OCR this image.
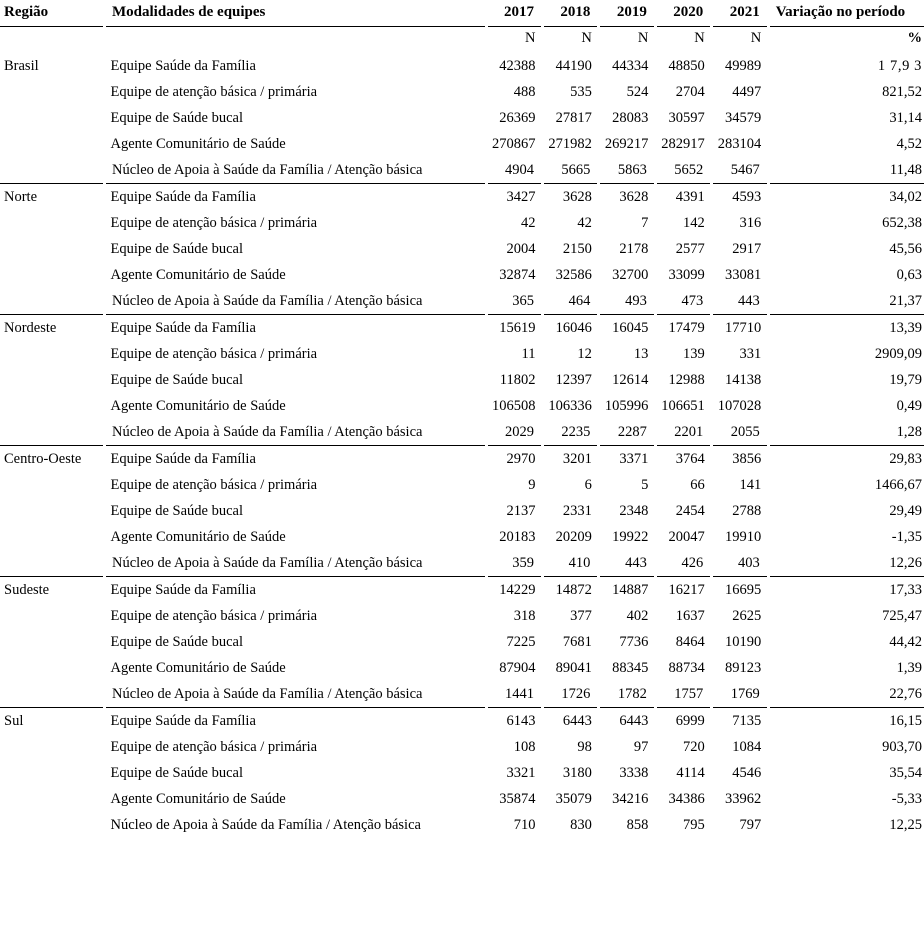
Região	Modalidades de equipes	2017	2018	2019	2020	2021	Variação no período
		N	N	N	N	N	%
Brasil	Equipe Saúde da Família	42388	44190	44334	48850	49989	1 7,9 3
	Equipe de atenção básica / primária	488	535	524	2704	4497	821,52
	Equipe de Saúde bucal	26369	27817	28083	30597	34579	31,14
	Agente Comunitário de Saúde	270867	271982	269217	282917	283104	4,52
	Núcleo de Apoia à Saúde da Família / Atenção básica	4904	5665	5863	5652	5467	11,48
Norte	Equipe Saúde da Família	3427	3628	3628	4391	4593	34,02
	Equipe de atenção básica / primária	42	42	7	142	316	652,38
	Equipe de Saúde bucal	2004	2150	2178	2577	2917	45,56
	Agente Comunitário de Saúde	32874	32586	32700	33099	33081	0,63
	Núcleo de Apoia à Saúde da Família / Atenção básica	365	464	493	473	443	21,37
Nordeste	Equipe Saúde da Família	15619	16046	16045	17479	17710	13,39
	Equipe de atenção básica / primária	11	12	13	139	331	2909,09
	Equipe de Saúde bucal	11802	12397	12614	12988	14138	19,79
	Agente Comunitário de Saúde	106508	106336	105996	106651	107028	0,49
	Núcleo de Apoia à Saúde da Família / Atenção básica	2029	2235	2287	2201	2055	1,28
Centro-Oeste	Equipe Saúde da Família	2970	3201	3371	3764	3856	29,83
	Equipe de atenção básica / primária	9	6	5	66	141	1466,67
	Equipe de Saúde bucal	2137	2331	2348	2454	2788	29,49
	Agente Comunitário de Saúde	20183	20209	19922	20047	19910	-1,35
	Núcleo de Apoia à Saúde da Família / Atenção básica	359	410	443	426	403	12,26
Sudeste	Equipe Saúde da Família	14229	14872	14887	16217	16695	17,33
	Equipe de atenção básica / primária	318	377	402	1637	2625	725,47
	Equipe de Saúde bucal	7225	7681	7736	8464	10190	44,42
	Agente Comunitário de Saúde	87904	89041	88345	88734	89123	1,39
	Núcleo de Apoia à Saúde da Família / Atenção básica	1441	1726	1782	1757	1769	22,76
Sul	Equipe Saúde da Família	6143	6443	6443	6999	7135	16,15
	Equipe de atenção básica / primária	108	98	97	720	1084	903,70
	Equipe de Saúde bucal	3321	3180	3338	4114	4546	35,54
	Agente Comunitário de Saúde	35874	35079	34216	34386	33962	-5,33
	Núcleo de Apoia à Saúde da Família / Atenção básica	710	830	858	795	797	12,25
